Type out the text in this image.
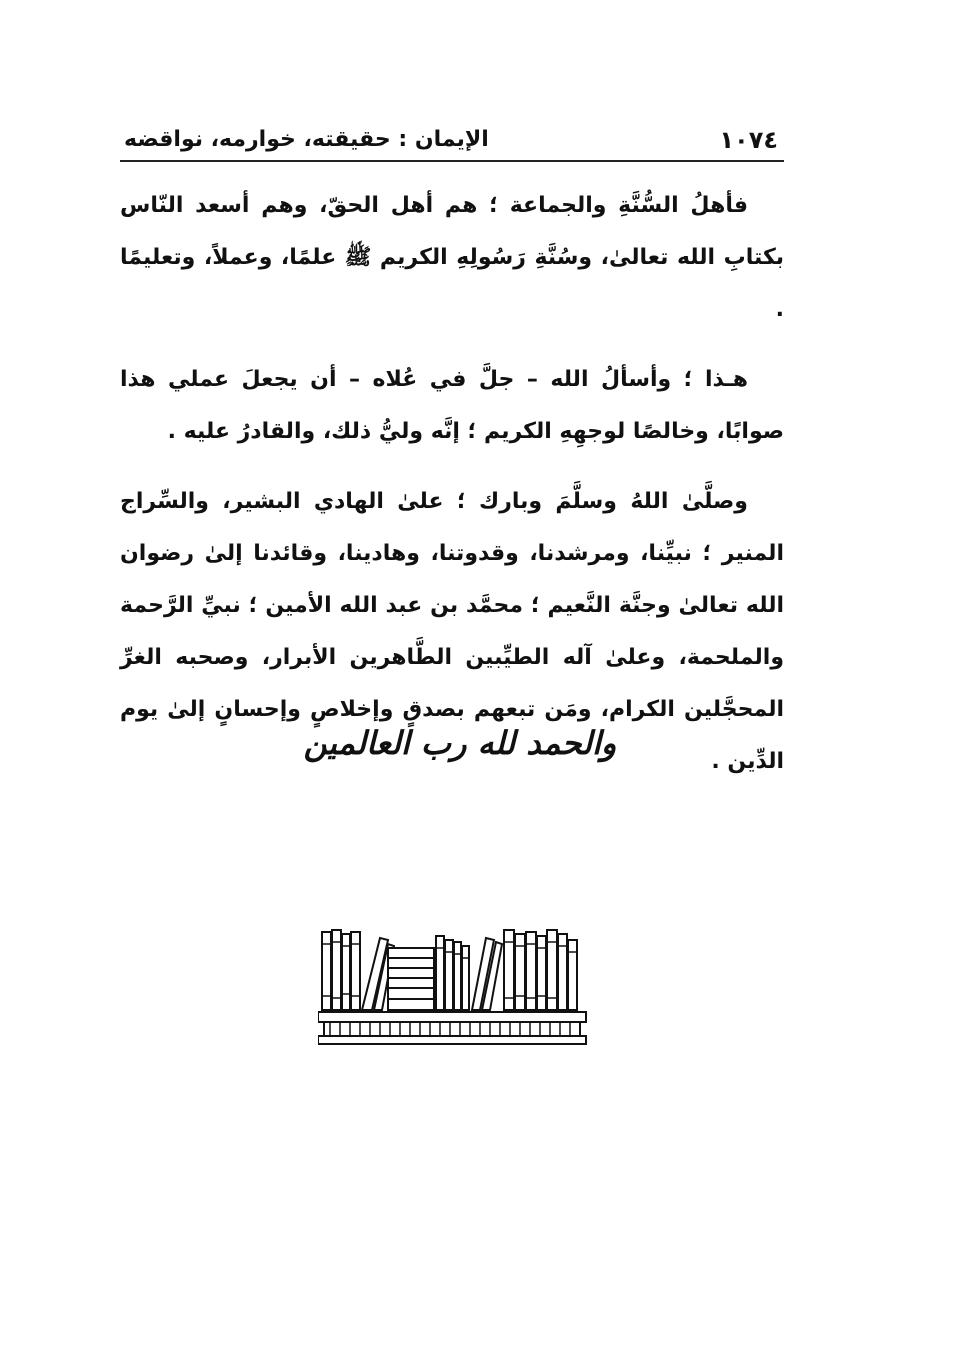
الإيمان : حقيقته، خوارمه، نواقضه	١٠٧٤

فأهلُ السُّنَّةِ والجماعة ؛ هم أهل الحقّ، وهم أسعد النّاس بكتابِ الله تعالىٰ، وسُنَّةِ رَسُولِهِ الكريم ﷺ علمًا، وعملاً، وتعليمًا .

هـذا ؛ وأسألُ الله – جلَّ في عُلاه – أن يجعلَ عملي هذا صوابًا، وخالصًا لوجهِهِ الكريم ؛ إنَّه وليُّ ذلك، والقادرُ عليه .

وصلَّىٰ اللهُ وسلَّمَ وبارك ؛ علىٰ الهادي البشير، والسِّراج المنير ؛ نبيِّنا، ومرشدنا، وقدوتنا، وهادينا، وقائدنا إلىٰ رضوان الله تعالىٰ وجنَّة النَّعيم ؛ محمَّد بن عبد الله الأمين ؛ نبيِّ الرَّحمة والملحمة، وعلىٰ آله الطيِّبين الطَّاهرين الأبرار، وصحبه الغرِّ المحجَّلين الكرام، ومَن تبعهم بصدقٍ وإخلاصٍ وإحسانٍ إلىٰ يوم الدِّين .

والحمد لله رب العالمين
